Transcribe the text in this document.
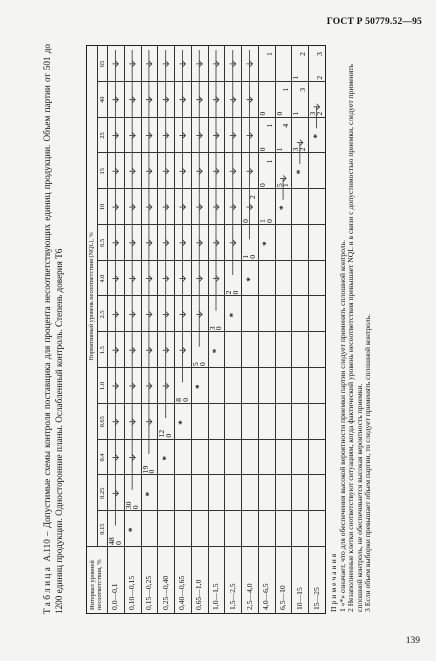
ГОСТ Р 50779.52—95
Таблица А.110 – Допустимые схемы контроля поставщика для процента несоответствующих единиц продукции. Объем партии от 501 до 1200 единиц продукции. Односторонние планы. Ослабленный контроль. Степень доверия Т6	Интервал уровней несоответствия, %
Нормативный уровень несоответствия (NQL), %
0.15
0.25
0.4
0.65
1.0
1.5
2.5
4.0
6.5
10
15
25
40
65
0,0—0,1 0,10—0,15 0,15—0,25 0,25—0,40 0,40—0,65 0,65—1,0 1,0—1,5 1,5—2,5 2,5—4,0 4,0—6,5 6,5—10 10—15 15—25
48
0
*
30
0
*
19
0
*
12
0
*
8
0
*
5
0
*
3
0
*
2
0
*
1
0
2
0
*
1
0
1
0
1
0
0
1
*
5
1
4
1
1
0
*
3
2
3
1
1
2
*
3
2
2
3
Примечания 1 «*» означает, что для обеспечения высокой вероятности приемки партии следует применять сплошной контроль. 2 Незаполненные клетки соответствуют ситуациям, когда фактический уровень несоответствия превышает NQL и в связи с допустимостью приемки, следует применять сплошной контроль, не обеспечивается высокая вероятность приемки. 3 Если объем выборки превышает объем партии, то следует применять сплошной контроль.
139
